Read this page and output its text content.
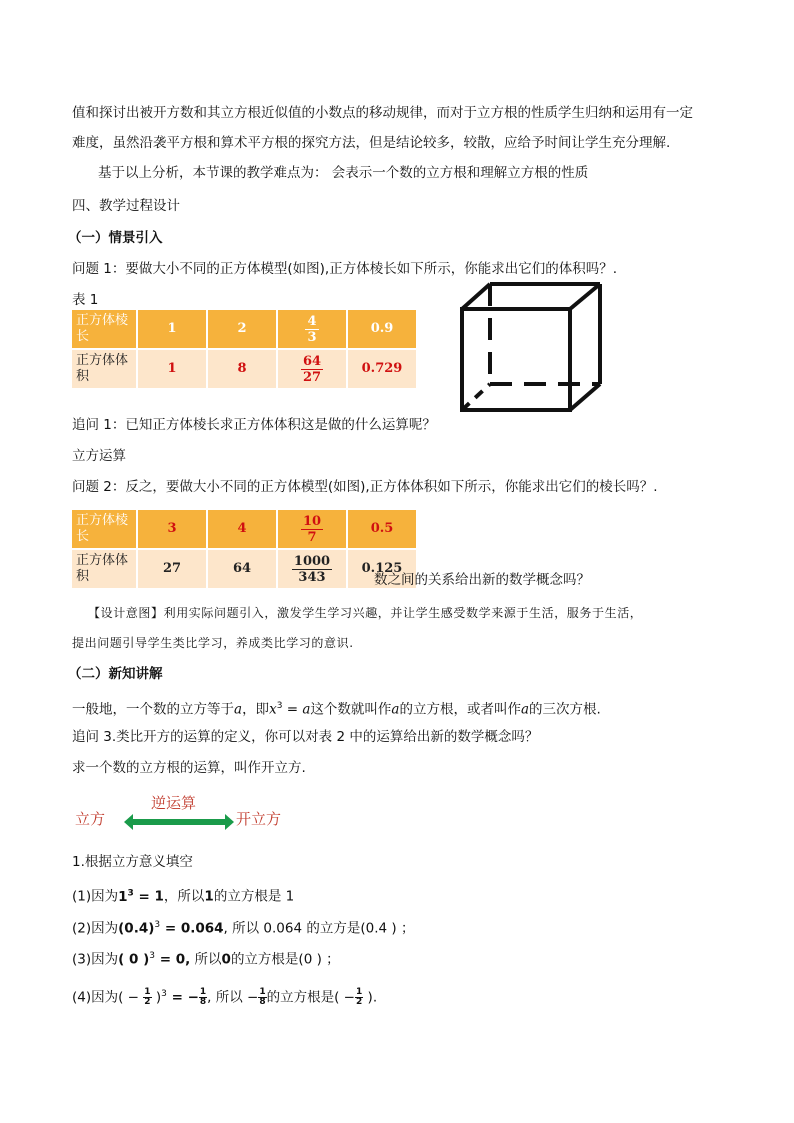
值和探讨出被开方数和其立方根近似值的小数点的移动规律，而对于立方根的性质学生归纳和运用有一定
难度，虽然沿袭平方根和算术平方根的探究方法，但是结论较多，较散，应给予时间让学生充分理解.
基于以上分析，本节课的教学难点为： 会表示一个数的立方根和理解立方根的性质
四、教学过程设计
（一）情景引入
问题 1：要做大小不同的正方体模型(如图),正方体棱长如下所示，你能求出它们的体积吗？.
表 1
正方体棱长	1	2	$\frac{4}{3}$	0.9
正方体体积	1	8	$\frac{64}{27}$	0.729
追问 1：已知正方体棱长求正方体体积这是做的什么运算呢？
立方运算
问题 2：反之，要做大小不同的正方体模型(如图),正方体体积如下所示，你能求出它们的棱长吗？.
正方体棱长	3	4	$\frac{10}{7}$	0.5
正方体体积	27	64	$\frac{1000}{343}$	0.125
数之间的关系给出新的数学概念吗？
【设计意图】利用实际问题引入，激发学生学习兴趣，并让学生感受数学来源于生活，服务于生活，
提出问题引导学生类比学习，养成类比学习的意识.
（二）新知讲解
一般地，一个数的立方等于a，即$x^3 = a$这个数就叫作a的立方根，或者叫作a的三次方根.
追问 3.类比开方的运算的定义，你可以对表 2 中的运算给出新的数学概念吗？
求一个数的立方根的运算，叫作开立方.
立方
逆运算
开立方
1.根据立方意义填空
(1)因为$1^3 = 1$，所以1的立方根是 1
(2)因为$(0.4)^3 = 0.064$, 所以 0.064 的立方是(0.4 ) ；
(3)因为( 0 )$^3$ = 0, 所以0的立方根是(0 ) ；
(4)因为( − $\frac{1}{2} )^3$ = − $\frac{1}{8}$ , 所以 − $\frac{1}{8}$ 的立方根是( − $\frac{1}{2}$ ).
